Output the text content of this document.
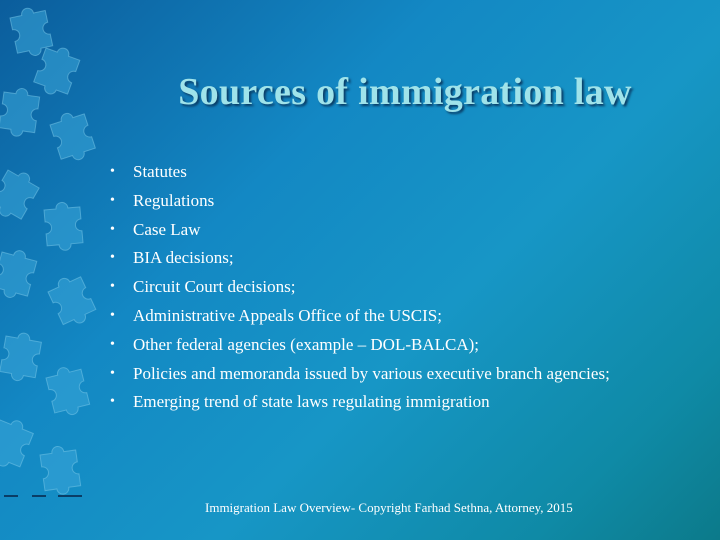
Sources of immigration law
• Statutes
• Regulations
• Case Law
• BIA decisions;
• Circuit Court decisions;
• Administrative Appeals Office of the USCIS;
• Other federal agencies (example – DOL-BALCA);
• Policies and memoranda issued by various executive branch agencies;
• Emerging trend of state laws regulating immigration
Immigration Law Overview- Copyright Farhad Sethna, Attorney, 2015
